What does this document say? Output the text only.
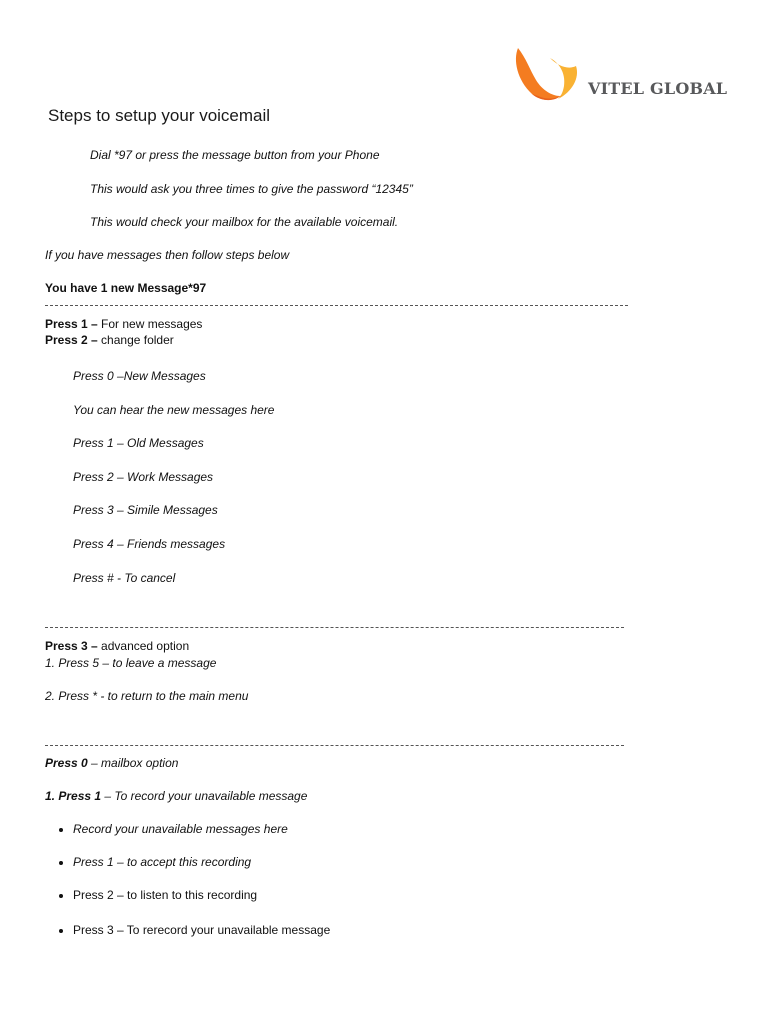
VITEL GLOBAL
Steps to setup your voicemail
Dial *97 or press the message button from your Phone
This would ask you three times to give the password “12345”
This would check your mailbox for the available voicemail.
If you have messages then follow steps below
You have 1 new Message*97
Press 1 – For new messages
Press 2 – change folder
Press 0 –New Messages
You can hear the new messages here
Press 1 – Old Messages
Press 2 – Work Messages
Press 3 – Simile Messages
Press 4 – Friends messages
Press # - To cancel
Press 3 – advanced option
1. Press 5 – to leave a message
2. Press * - to return to the main menu
Press 0 – mailbox option
1. Press 1 – To record your unavailable message
Record your unavailable messages here
Press 1 – to accept this recording
Press 2 – to listen to this recording
Press 3 – To rerecord your unavailable message
